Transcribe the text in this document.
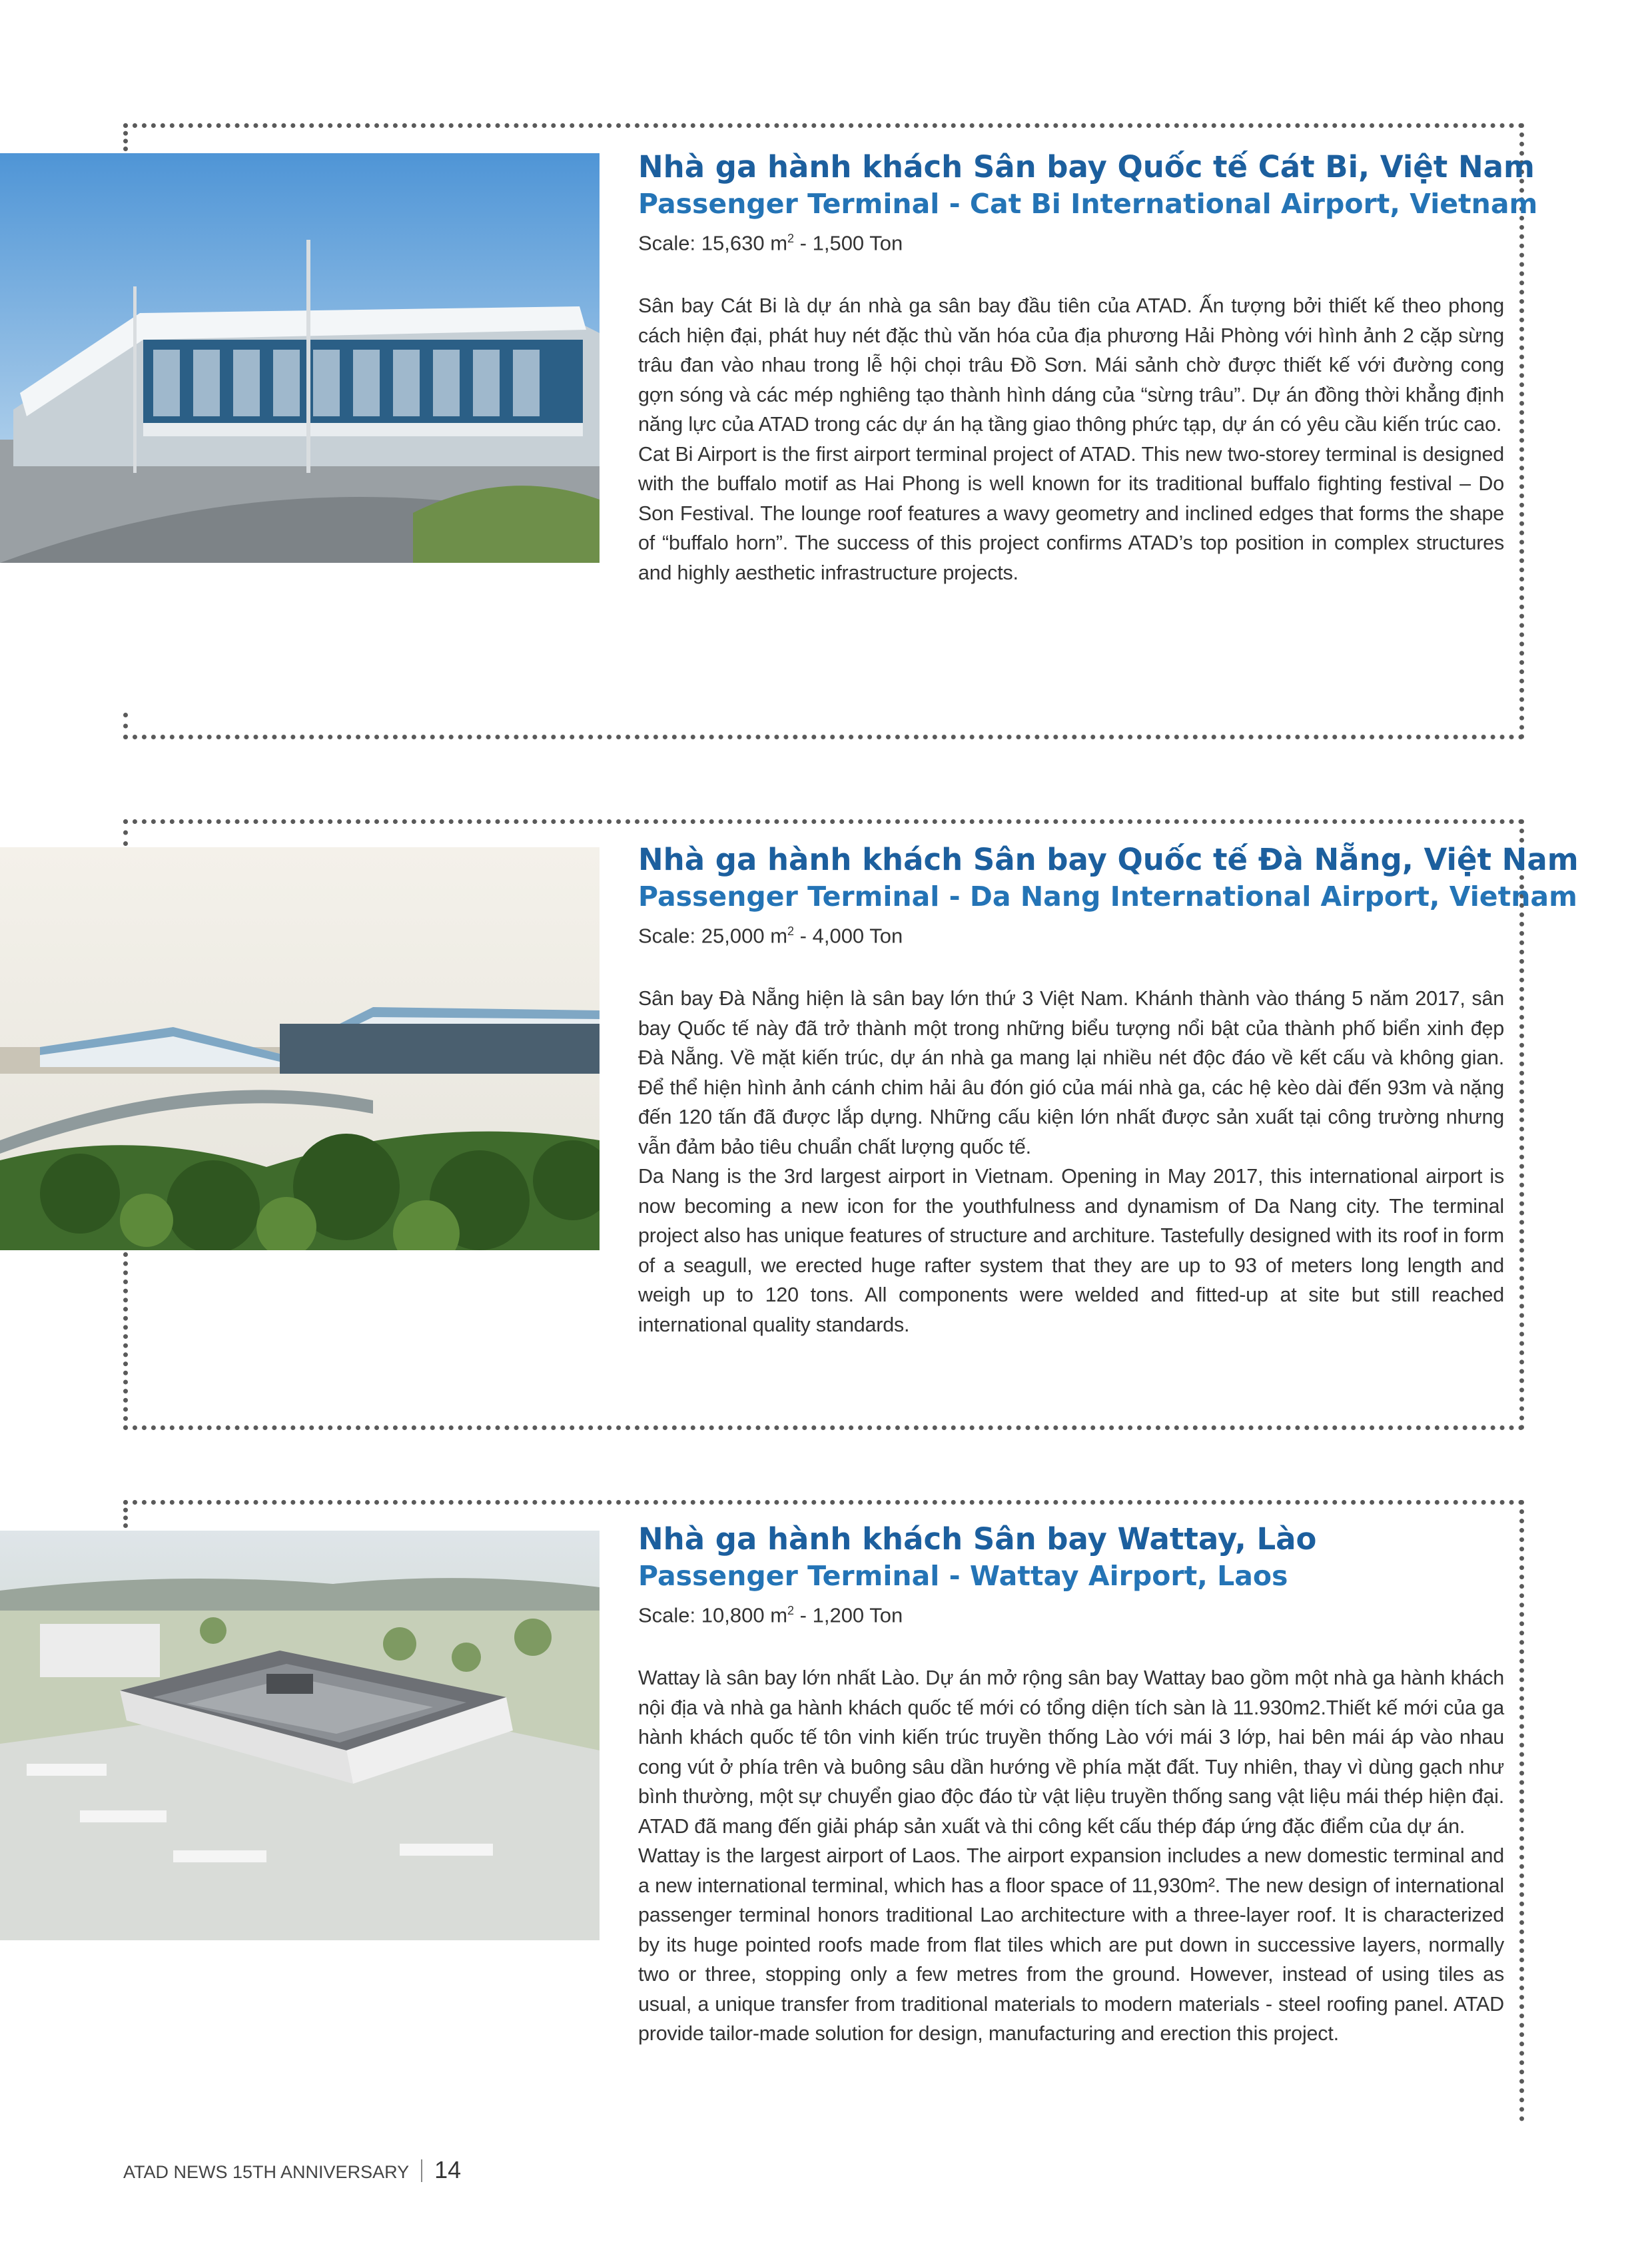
Nhà ga hành khách Sân bay Quốc tế Cát Bi, Việt Nam
Passenger Terminal - Cat Bi International Airport, Vietnam

Scale: 15,630 $m^2 - 1,500$ Ton

Sân bay Cát Bi là dự án nhà ga sân bay đầu tiên của ATAD. Ấn tượng bởi thiết kế theo phong cách hiện đại, phát huy nét đặc thù văn hóa của địa phương Hải Phòng với hình ảnh 2 cặp sừng trâu đan vào nhau trong lễ hội chọi trâu Đồ Sơn. Mái sảnh chờ được thiết kế với đường cong gợn sóng và các mép nghiêng tạo thành hình dáng của “sừng trâu”. Dự án đồng thời khẳng định năng lực của ATAD trong các dự án hạ tầng giao thông phức tạp, dự án có yêu cầu kiến trúc cao.

Cat Bi Airport is the first airport terminal project of ATAD. This new two-storey terminal is designed with the buffalo motif as Hai Phong is well known for its traditional buffalo fighting festival – Do Son Festival. The lounge roof features a wavy geometry and inclined edges that forms the shape of “buffalo horn”. The success of this project confirms ATAD’s top position in complex structures and highly aesthetic infrastructure projects.

Nhà ga hành khách Sân bay Quốc tế Đà Nẵng, Việt Nam
Passenger Terminal - Da Nang International Airport, Vietnam

Scale: 25,000 $m^2 - 4,000$ Ton

Sân bay Đà Nẵng hiện là sân bay lớn thứ 3 Việt Nam. Khánh thành vào tháng 5 năm 2017, sân bay Quốc tế này đã trở thành một trong những biểu tượng nổi bật của thành phố biển xinh đẹp Đà Nẵng. Về mặt kiến trúc, dự án nhà ga mang lại nhiều nét độc đáo về kết cấu và không gian. Để thể hiện hình ảnh cánh chim hải âu đón gió của mái nhà ga, các hệ kèo dài đến 93m và nặng đến 120 tấn đã được lắp dựng. Những cấu kiện lớn nhất được sản xuất tại công trường nhưng vẫn đảm bảo tiêu chuẩn chất lượng quốc tế.

Da Nang is the 3rd largest airport in Vietnam. Opening in May 2017, this international airport is now becoming a new icon for the youthfulness and dynamism of Da Nang city. The terminal project also has unique features of structure and architure. Tastefully designed with its roof in form of a seagull, we erected huge rafter system that they are up to 93 of meters long length and weigh up to 120 tons. All components were welded and fitted-up at site but still reached international quality standards.

Nhà ga hành khách Sân bay Wattay, Lào
Passenger Terminal - Wattay Airport, Laos

Scale: 10,800 $m^2 - 1,200$ Ton

Wattay là sân bay lớn nhất Lào. Dự án mở rộng sân bay Wattay bao gồm một nhà ga hành khách nội địa và nhà ga hành khách quốc tế mới có tổng diện tích sàn là 11.930m2.Thiết kế mới của ga hành khách quốc tế tôn vinh kiến trúc truyền thống Lào với mái 3 lớp, hai bên mái áp vào nhau cong vút ở phía trên và buông sâu dần hướng về phía mặt đất. Tuy nhiên, thay vì dùng gạch như bình thường, một sự chuyển giao độc đáo từ vật liệu truyền thống sang vật liệu mái thép hiện đại. ATAD đã mang đến giải pháp sản xuất và thi công kết cấu thép đáp ứng đặc điểm của dự án.

Wattay is the largest airport of Laos. The airport expansion includes a new domestic terminal and a new international terminal, which has a floor space of 11,930m². The new design of international passenger terminal honors traditional Lao architecture with a three-layer roof. It is characterized by its huge pointed roofs made from flat tiles which are put down in successive layers, normally two or three, stopping only a few metres from the ground. However, instead of using tiles as usual, a unique transfer from traditional materials to modern materials - steel roofing panel. ATAD provide tailor-made solution for design, manufacturing and erection this project.

ATAD NEWS 15TH ANNIVERSARY 14
